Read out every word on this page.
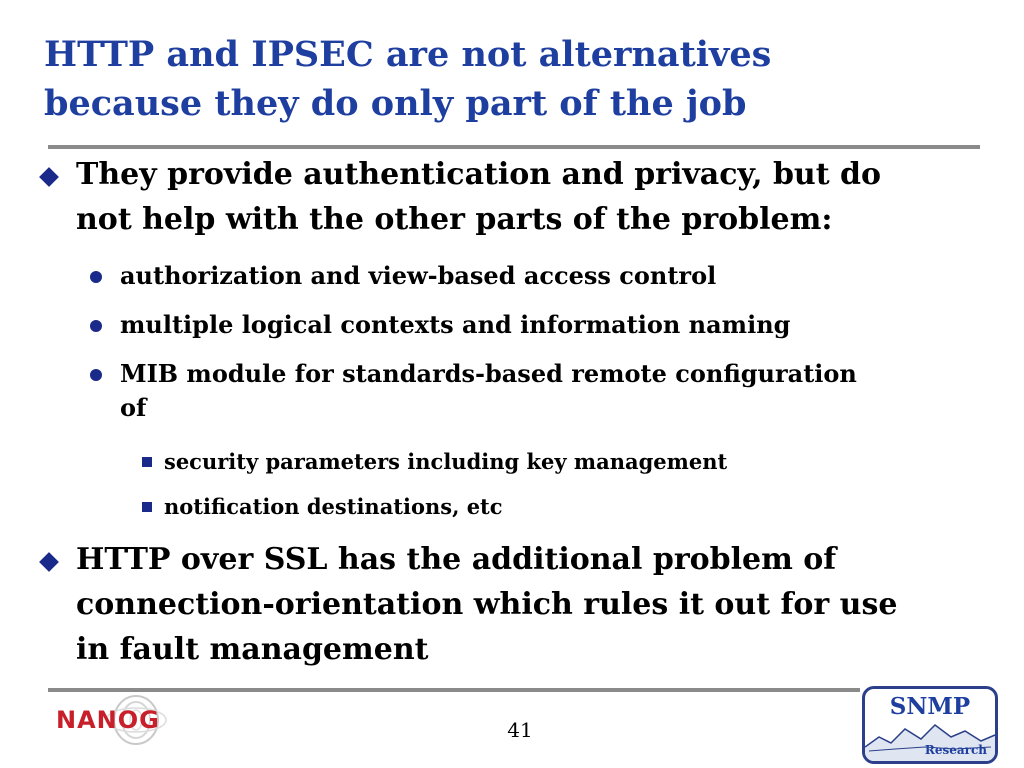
HTTP and IPSEC are not alternatives
because they do only part of the job
They provide authentication and privacy, but do
not help with the other parts of the problem:
authorization and view-based access control
multiple logical contexts and information naming
MIB module for standards-based remote configuration
of
security parameters including key management
notification destinations, etc
HTTP over SSL has the additional problem of
connection-orientation which rules it out for use
in fault management
NANOG	41
SNMP
Research
